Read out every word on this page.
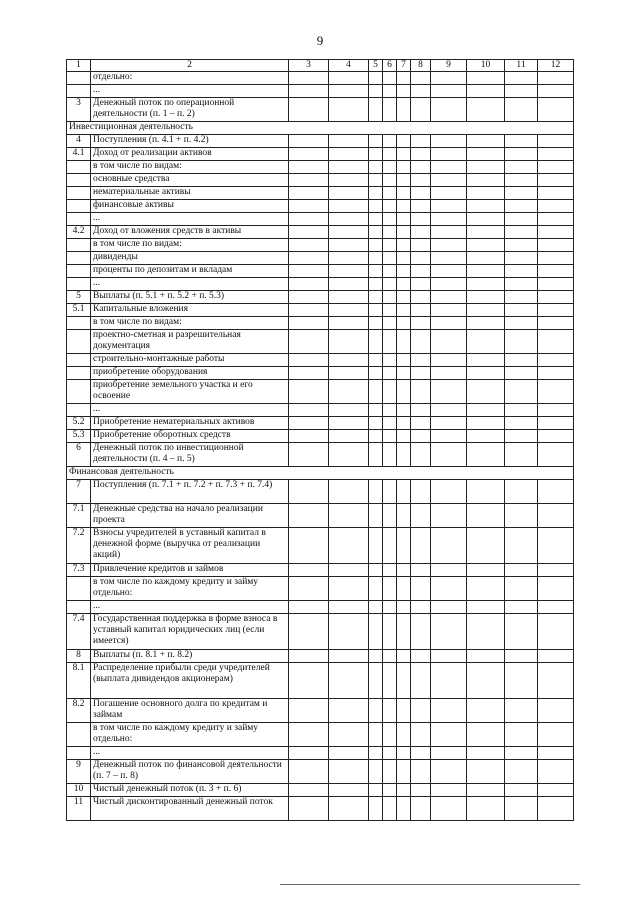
9
1	2	3	4	5	6	7	8	9	10	11	12
	отдельно:										
	...										
3	Денежный поток по операционной деятельности (п. 1 – п. 2)										
Инвестиционная деятельность											
4	Поступления (п. 4.1 + п. 4.2)										
4.1	Доход от реализации активов										
	в том числе по видам:										
	основные средства										
	нематериальные активы										
	финансовые активы										
	...										
4.2	Доход от вложения средств в активы										
	в том числе по видам:										
	дивиденды										
	проценты по депозитам и вкладам										
	...										
5	Выплаты (п. 5.1 + п. 5.2 + п. 5.3)										
5.1	Капитальные вложения										
	в том числе по видам:										
	проектно-сметная и разрешительная документация										
	строительно-монтажные работы										
	приобретение оборудования										
	приобретение земельного участка и его освоение										
	...										
5.2	Приобретение нематериальных активов										
5.3	Приобретение оборотных средств										
6	Денежный поток по инвестиционной деятельности (п. 4 – п. 5)										
Финансовая деятельность											
7	Поступления (п. 7.1 + п. 7.2 + п. 7.3 + п. 7.4)										
7.1	Денежные средства на начало реализации проекта										
7.2	Взносы учредителей в уставный капитал в денежной форме (выручка от реализации акций)										
7.3	Привлечение кредитов и займов										
	в том числе по каждому кредиту и займу отдельно:										
	...										
7.4	Государственная поддержка в форме взноса в уставный капитал юридических лиц (если имеется)										
8	Выплаты (п. 8.1 + п. 8.2)										
8.1	Распределение прибыли среди учредителей (выплата дивидендов акционерам)										
8.2	Погашение основного долга по кредитам и займам										
	в том числе по каждому кредиту и займу отдельно:										
	...										
9	Денежный поток по финансовой деятельности (п. 7 – п. 8)										
10	Чистый денежный поток (п. 3 + п. 6)										
11	Чистый дисконтированный денежный поток										
